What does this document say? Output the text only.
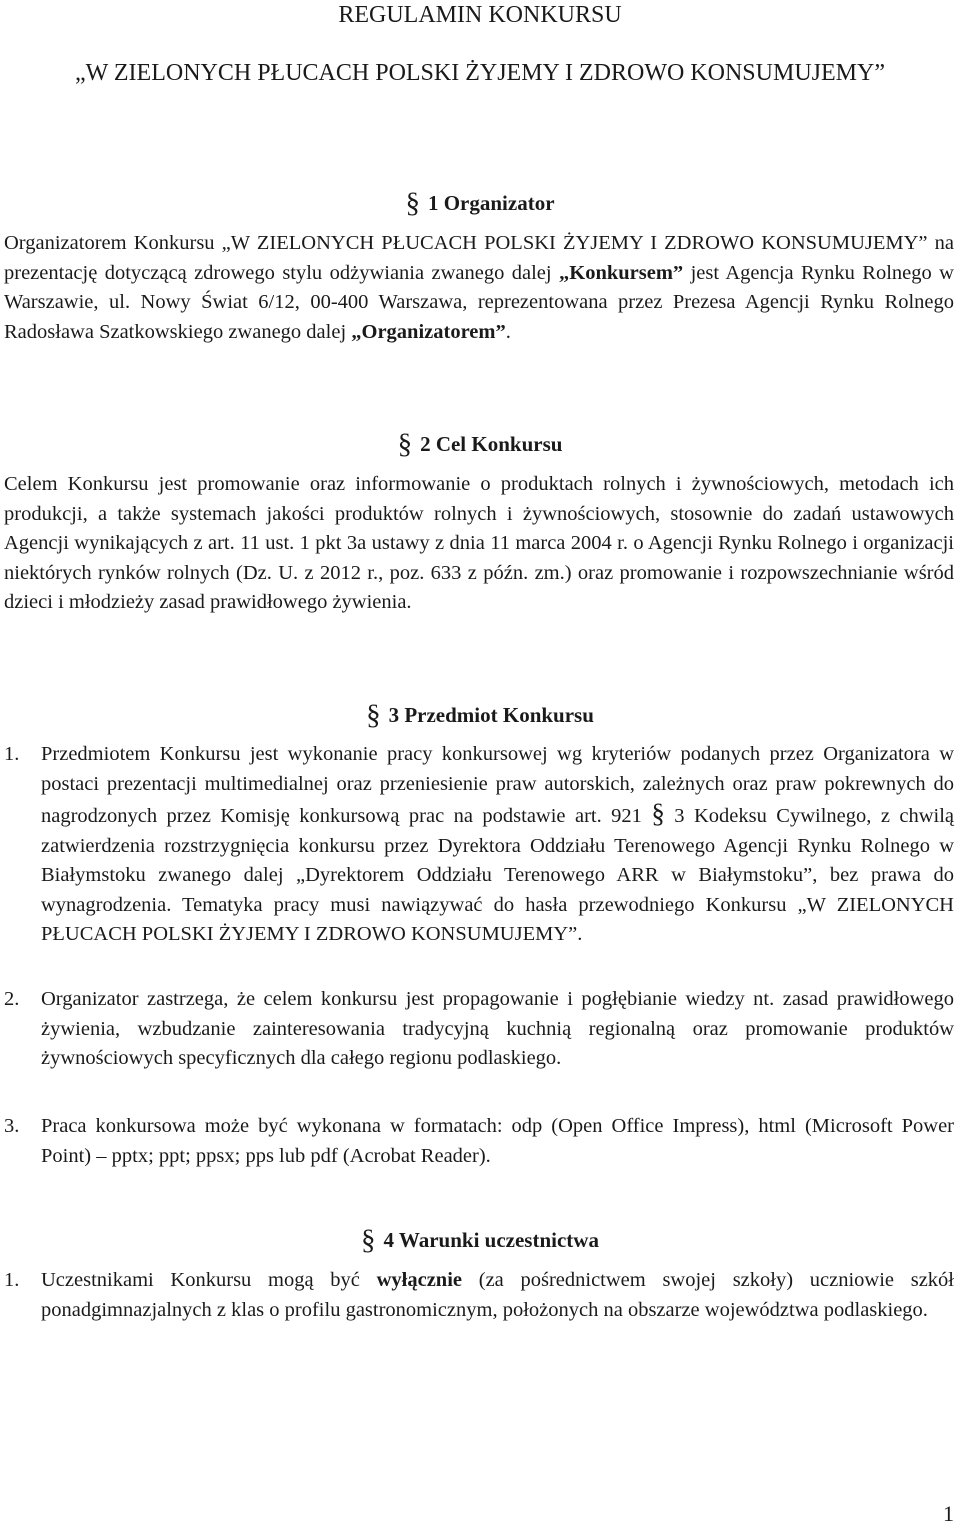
REGULAMIN KONKURSU
„W ZIELONYCH PŁUCACH POLSKI ŻYJEMY I ZDROWO KONSUMUJEMY”
§ 1 Organizator
Organizatorem Konkursu „W ZIELONYCH PŁUCACH POLSKI ŻYJEMY I ZDROWO KONSUMUJEMY” na prezentację dotyczącą zdrowego stylu odżywiania zwanego dalej „Konkursem” jest Agencja Rynku Rolnego w Warszawie, ul. Nowy Świat 6/12, 00-400 Warszawa, reprezentowana przez Prezesa Agencji Rynku Rolnego Radosława Szatkowskiego zwanego dalej „Organizatorem”.
§ 2 Cel Konkursu
Celem Konkursu jest promowanie oraz informowanie o produktach rolnych i żywnościowych, metodach ich produkcji, a także systemach jakości produktów rolnych i żywnościowych, stosownie do zadań ustawowych Agencji wynikających z art. 11 ust. 1 pkt 3a ustawy z dnia 11 marca 2004 r. o Agencji Rynku Rolnego i organizacji niektórych rynków rolnych (Dz. U. z 2012 r., poz. 633 z późn. zm.) oraz promowanie i rozpowszechnianie wśród dzieci i młodzieży zasad prawidłowego żywienia.
§ 3 Przedmiot Konkursu
1. Przedmiotem Konkursu jest wykonanie pracy konkursowej wg kryteriów podanych przez Organizatora w postaci prezentacji multimedialnej oraz przeniesienie praw autorskich, zależnych oraz praw pokrewnych do nagrodzonych przez Komisję konkursową prac na podstawie art. 921 § 3 Kodeksu Cywilnego, z chwilą zatwierdzenia rozstrzygnięcia konkursu przez Dyrektora Oddziału Terenowego Agencji Rynku Rolnego w Białymstoku zwanego dalej „Dyrektorem Oddziału Terenowego ARR w Białymstoku”, bez prawa do wynagrodzenia. Tematyka pracy musi nawiązywać do hasła przewodniego Konkursu „W ZIELONYCH PŁUCACH POLSKI ŻYJEMY I ZDROWO KONSUMUJEMY”.
2. Organizator zastrzega, że celem konkursu jest propagowanie i pogłębianie wiedzy nt. zasad prawidłowego żywienia, wzbudzanie zainteresowania tradycyjną kuchnią regionalną oraz promowanie produktów żywnościowych specyficznych dla całego regionu podlaskiego.
3. Praca konkursowa może być wykonana w formatach: odp (Open Office Impress), html (Microsoft Power Point) – pptx; ppt; ppsx; pps lub pdf (Acrobat Reader).
§ 4 Warunki uczestnictwa
1. Uczestnikami Konkursu mogą być wyłącznie (za pośrednictwem swojej szkoły) uczniowie szkół ponadgimnazjalnych z klas o profilu gastronomicznym, położonych na obszarze województwa podlaskiego.
1
